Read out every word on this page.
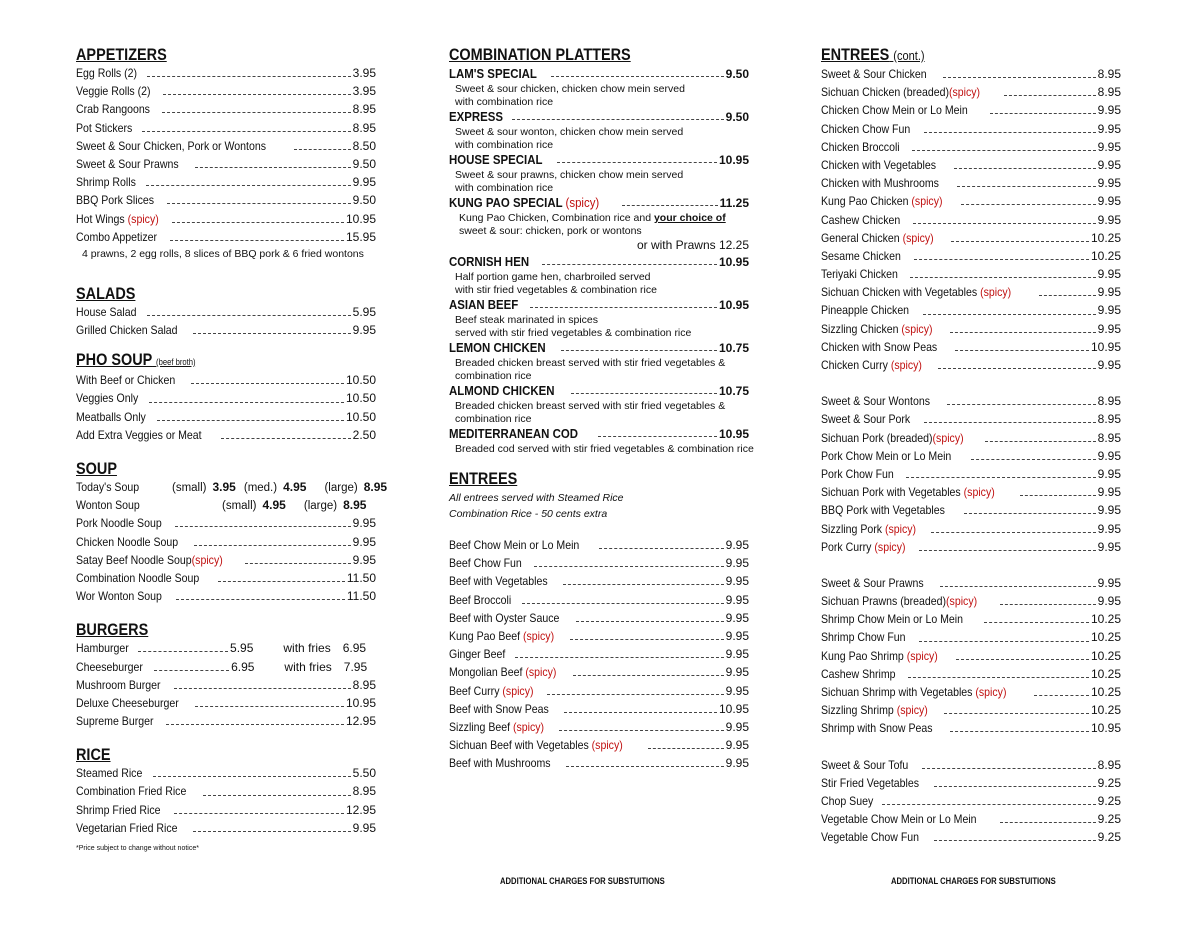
APPETIZERS
Egg Rolls (2)	3.95
Veggie Rolls (2)	3.95
Crab Rangoons	8.95
Pot Stickers	8.95
Sweet & Sour Chicken, Pork or Wontons	8.50
Sweet & Sour Prawns	9.50
Shrimp Rolls	9.95
BBQ Pork Slices	9.50
Hot Wings (spicy)	10.95
Combo Appetizer	15.95
4 prawns, 2 egg rolls, 8 slices of BBQ pork & 6 fried wontons
SALADS
House Salad	5.95
Grilled Chicken Salad	9.95
PHO SOUP (beef broth)
With Beef or Chicken	10.50
Veggies Only	10.50
Meatballs Only	10.50
Add Extra Veggies or Meat	2.50
SOUP
Today's Soup	(small) 3.95 (med.) 4.95 (large) 8.95
Wonton Soup	(small) 4.95 (large) 8.95
Pork Noodle Soup	9.95
Chicken Noodle Soup	9.95
Satay Beef Noodle Soup(spicy)	9.95
Combination Noodle Soup	11.50
Wor Wonton Soup	11.50
BURGERS
Hamburger	5.95	with fries 6.95
Cheeseburger	6.95	with fries 7.95
Mushroom Burger	8.95
Deluxe Cheeseburger	10.95
Supreme Burger	12.95
RICE
Steamed Rice	5.50
Combination Fried Rice	8.95
Shrimp Fried Rice	12.95
Vegetarian Fried Rice	9.95
*Price subject to change without notice*
COMBINATION PLATTERS
LAM'S SPECIAL	9.50
Sweet & sour chicken, chicken chow mein served
with combination rice
EXPRESS	9.50
Sweet & sour wonton, chicken chow mein served
with combination rice
HOUSE SPECIAL	10.95
Sweet & sour prawns, chicken chow mein served
with combination rice
KUNG PAO SPECIAL (spicy)	11.25
Kung Pao Chicken, Combination rice and your choice of
sweet & sour: chicken, pork or wontons
or with Prawns 12.25
CORNISH HEN	10.95
Half portion game hen, charbroiled served
with stir fried vegetables & combination rice
ASIAN BEEF	10.95
Beef steak marinated in spices
served with stir fried vegetables & combination rice
LEMON CHICKEN	10.75
Breaded chicken breast served with stir fried vegetables &
combination rice
ALMOND CHICKEN	10.75
Breaded chicken breast served with stir fried vegetables &
combination rice
MEDITERRANEAN COD	10.95
Breaded cod served with stir fried vegetables & combination rice
ENTREES
All entrees served with Steamed Rice
Combination Rice - 50 cents extra
Beef Chow Mein or Lo Mein	9.95
Beef Chow Fun	9.95
Beef with Vegetables	9.95
Beef Broccoli	9.95
Beef with Oyster Sauce	9.95
Kung Pao Beef (spicy)	9.95
Ginger Beef	9.95
Mongolian Beef (spicy)	9.95
Beef Curry (spicy)	9.95
Beef with Snow Peas	10.95
Sizzling Beef (spicy)	9.95
Sichuan Beef with Vegetables (spicy)	9.95
Beef with Mushrooms	9.95
ADDITIONAL CHARGES FOR SUBSTUITIONS
ENTREES (cont.)
Sweet & Sour Chicken	8.95
Sichuan Chicken (breaded)(spicy)	8.95
Chicken Chow Mein or Lo Mein	9.95
Chicken Chow Fun	9.95
Chicken Broccoli	9.95
Chicken with Vegetables	9.95
Chicken with Mushrooms	9.95
Kung Pao Chicken (spicy)	9.95
Cashew Chicken	9.95
General Chicken (spicy)	10.25
Sesame Chicken	10.25
Teriyaki Chicken	9.95
Sichuan Chicken with Vegetables (spicy)	9.95
Pineapple Chicken	9.95
Sizzling Chicken (spicy)	9.95
Chicken with Snow Peas	10.95
Chicken Curry (spicy)	9.95
Sweet & Sour Wontons	8.95
Sweet & Sour Pork	8.95
Sichuan Pork (breaded)(spicy)	8.95
Pork Chow Mein or Lo Mein	9.95
Pork Chow Fun	9.95
Sichuan Pork with Vegetables (spicy)	9.95
BBQ Pork with Vegetables	9.95
Sizzling Pork (spicy)	9.95
Pork Curry (spicy)	9.95
Sweet & Sour Prawns	9.95
Sichuan Prawns (breaded)(spicy)	9.95
Shrimp Chow Mein or Lo Mein	10.25
Shrimp Chow Fun	10.25
Kung Pao Shrimp (spicy)	10.25
Cashew Shrimp	10.25
Sichuan Shrimp with Vegetables (spicy)	10.25
Sizzling Shrimp (spicy)	10.25
Shrimp with Snow Peas	10.95
Sweet & Sour Tofu	8.95
Stir Fried Vegetables	9.25
Chop Suey	9.25
Vegetable Chow Mein or Lo Mein	9.25
Vegetable Chow Fun	9.25
ADDITIONAL CHARGES FOR SUBSTUITIONS
